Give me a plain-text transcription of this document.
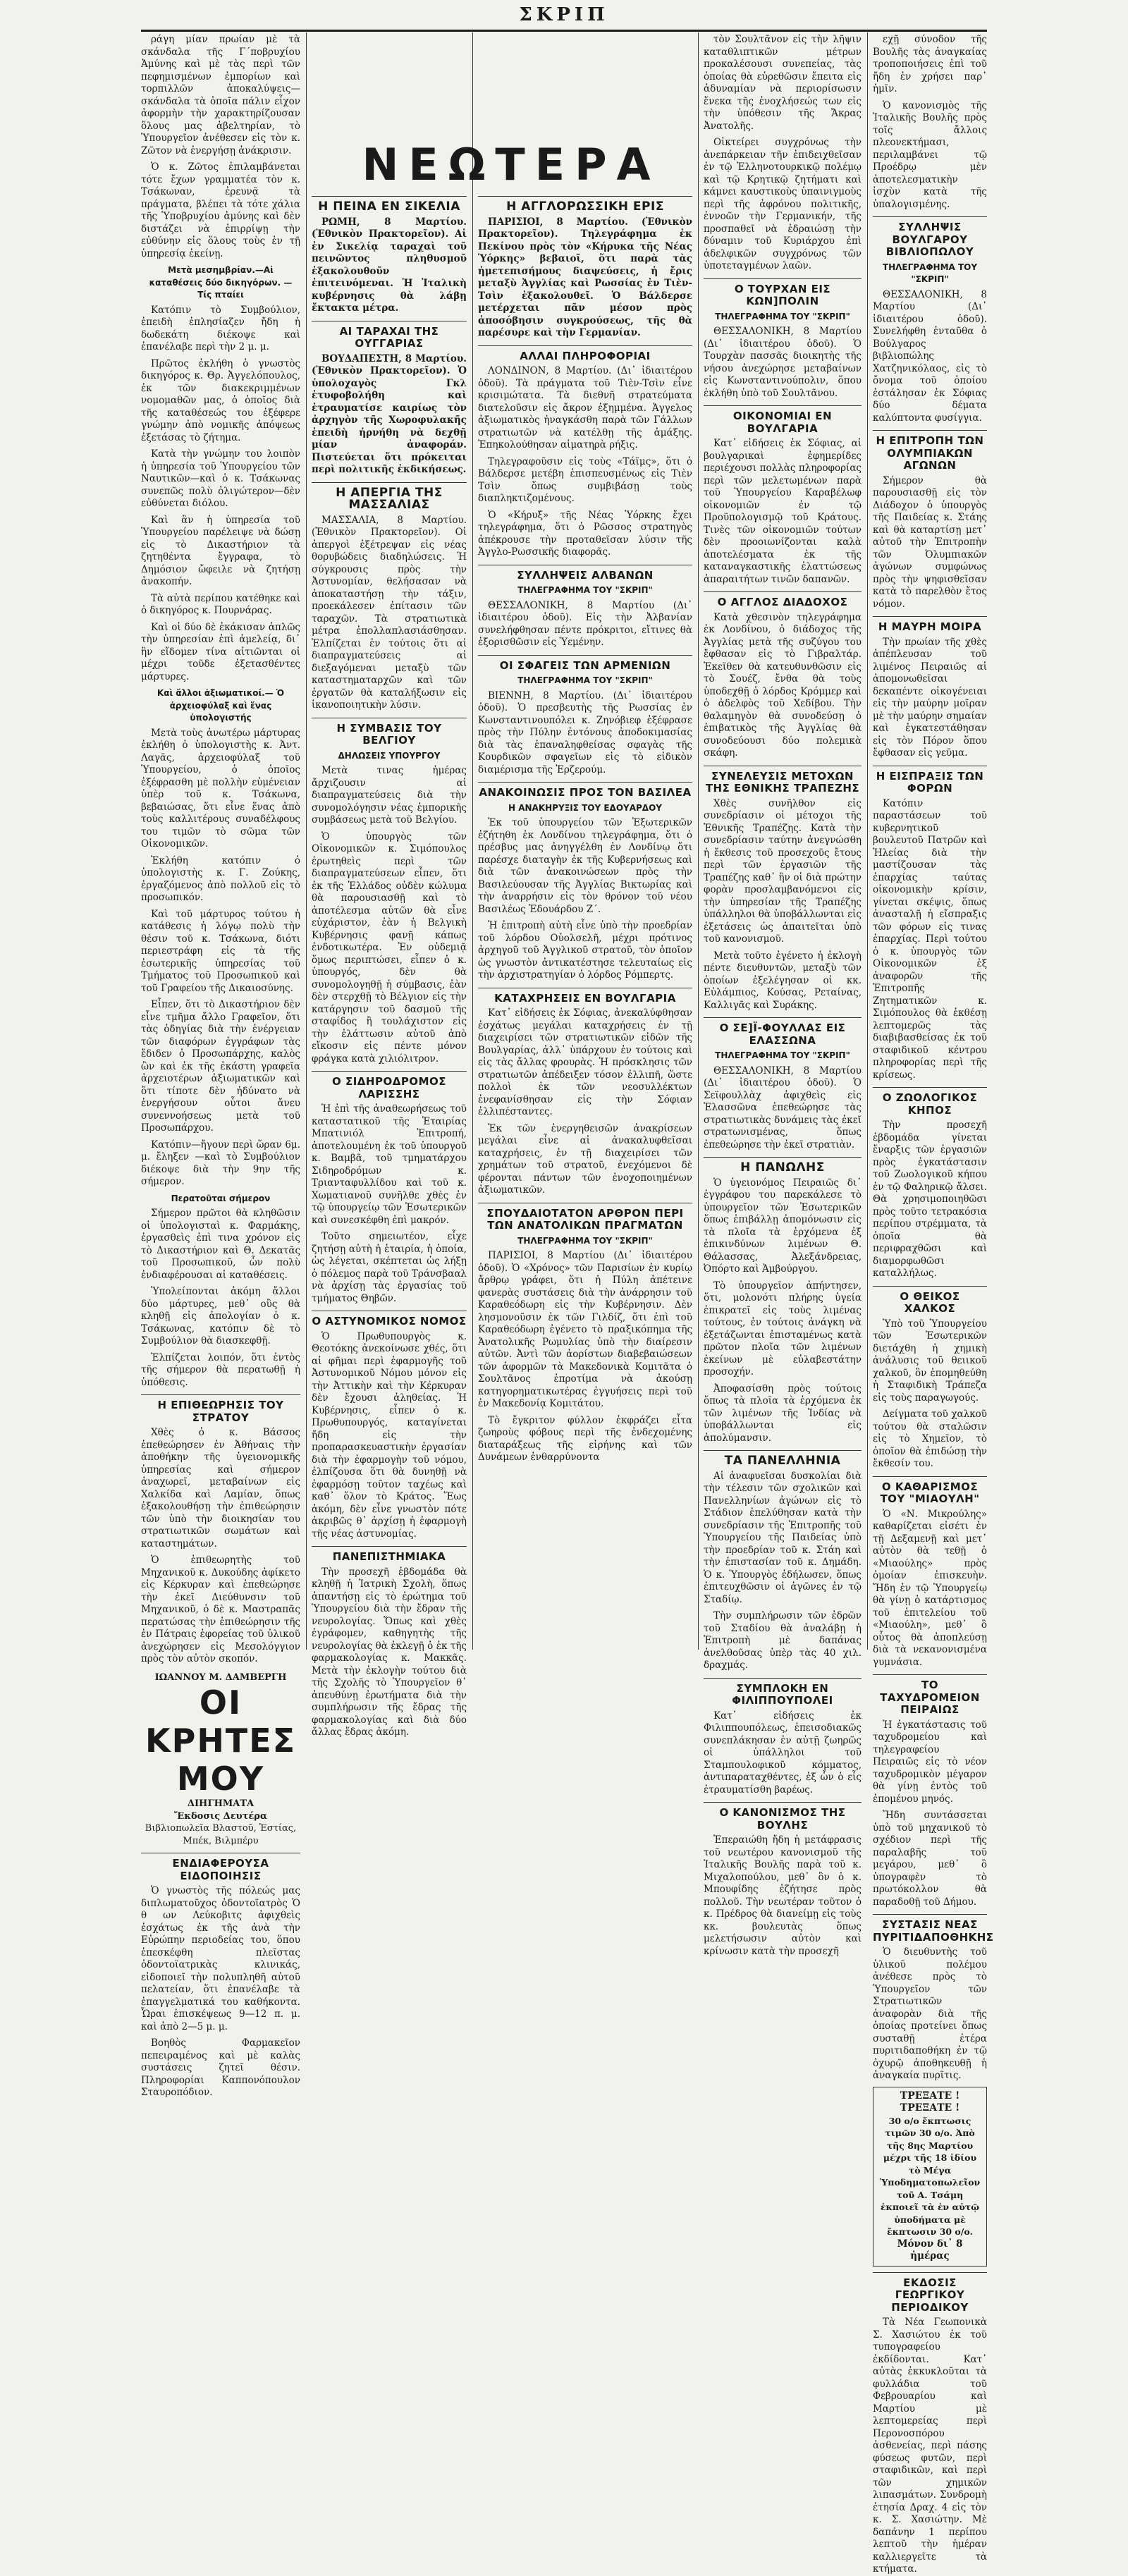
ΣΚΡΙΠ
ΝΕΩΤΕΡΑ

ράγη μίαν πρωίαν μὲ τὰ σκάνδαλα τῆς Γ΄ποβρυχίου Ἀμύνης καὶ μὲ τὰς περὶ τῶν πεφημισμένων ἐμπορίων καὶ τορπιλλῶν ἀποκαλύψεις—σκάνδαλα τὰ ὁποῖα πάλιν εἶχον ἀφορμὴν τὴν χαρακτηρίζουσαν ὅλους μας ἀβελτηρίαν, τὸ Ὑπουργεῖον ἀνέθεσεν εἰς τὸν κ. Ζῶτον νὰ ἐνεργήσῃ ἀνάκρισιν.

Ὁ κ. Ζῶτος ἐπιλαμβάνεται τότε ἔχων γραμματέα τὸν κ. Τσάκωναν, ἐρευνᾷ τὰ πράγματα, βλέπει τὰ τότε χάλια τῆς Ὑποβρυχίου ἀμύνης καὶ δὲν διστάζει νὰ ἐπιρρίψῃ τὴν εὐθύνην εἰς ὅλους τοὺς ἐν τῇ ὑπηρεσίᾳ ἐκείνῃ.

Μετὰ μεσημβρίαν.—Αἱ καταθέσεις δύο δικηγόρων. — Τίς πταίει

Κατόπιν τὸ Συμβούλιον, ἐπειδὴ ἐπλησίαζεν ἤδη ἡ δωδεκάτη διέκοψε καὶ ἐπανέλαβε περὶ τὴν 2 μ. μ.

Πρῶτος ἐκλήθη ὁ γνωστὸς δικηγόρος κ. Θρ. Ἀγγελόπουλος, ἐκ τῶν διακεκριμμένων νομομαθῶν μας, ὁ ὁποῖος διὰ τῆς καταθέσεώς του ἐξέφερε γνώμην ἀπὸ νομικῆς ἀπόψεως ἐξετάσας τὸ ζήτημα.

Κατὰ τὴν γνώμην του λοιπὸν ἡ ὑπηρεσία τοῦ Ὑπουργείου τῶν Ναυτικῶν—καὶ ὁ κ. Τσάκωνας συνεπῶς πολὺ ὀλιγώτερον—δὲν εὐθύνεται διόλου.

Καὶ ἂν ἡ ὑπηρεσία τοῦ Ὑπουργείου παρέλειψε νὰ δώσῃ εἰς τὸ Δικαστήριον τὰ ζητηθέντα ἔγγραφα, τὸ Δημόσιον ὤφειλε νὰ ζητήσῃ ἀνακοπήν.

Τὰ αὐτὰ περίπου κατέθηκε καὶ ὁ δικηγόρος κ. Πουρνάρας.

Καὶ οἱ δύο δὲ ἐκάκισαν ἁπλῶς τὴν ὑπηρεσίαν ἐπὶ ἀμελείᾳ, δι᾿ ἣν εἴδομεν τίνα αἰτιῶνται οἱ μέχρι τοῦδε ἐξετασθέντες μάρτυρες.

Καὶ ἄλλοι ἀξιωματικοί.— Ὁ ἀρχειοφύλαξ καὶ ἕνας ὑπολογιστής

Μετὰ τοὺς ἀνωτέρω μάρτυρας ἐκλήθη ὁ ὑπολογιστὴς κ. Ἀντ. Λαγᾶς, ἀρχειοφύλαξ τοῦ Ὑπουργείου, ὁ ὁποῖος ἐξέφρασθη μὲ πολλὴν εὐμένειαν ὑπὲρ τοῦ κ. Τσάκωνα, βεβαιώσας, ὅτι εἶνε ἕνας ἀπὸ τοὺς καλλιτέρους συναδέλφους του τιμῶν τὸ σῶμα τῶν Οἰκονομικῶν.

Ἐκλήθη κατόπιν ὁ ὑπολογιστὴς κ. Γ. Ζούκης, ἐργαζόμενος ἀπὸ πολλοῦ εἰς τὸ προσωπικόν.

Καὶ τοῦ μάρτυρος τούτου ἡ κατάθεσις ἡ λόγῳ πολὺ τὴν θέσιν τοῦ κ. Τσάκωνα, διότι περιεστράφη εἰς τὰ τῆς ἐσωτερικῆς ὑπηρεσίας τοῦ Τμήματος τοῦ Προσωπικοῦ καὶ τοῦ Γραφείου τῆς Δικαιοσύνης.

Εἶπεν, ὅτι τὸ Δικαστήριον δὲν εἶνε τμῆμα ἄλλο Γραφεῖον, ὅτι τὰς ὁδηγίας διὰ τὴν ἐνέργειαν τῶν διαφόρων ἐγγράφων τὰς ἔδιδεν ὁ Προσωπάρχης, καλὸς ὢν καὶ ἐκ τῆς ἐκάστη γραφεῖα ἀρχειοτέρων ἀξιωματικῶν καὶ ὅτι τίποτε δὲν ἠδύνατο νὰ ἐνεργήσουν οὗτοι ἄνευ συνεννοήσεως μετὰ τοῦ Προσωπάρχου.

Κατόπιν—ἤγουν περὶ ὥραν 6μ. μ. ἔληξεν —καὶ τὸ Συμβούλιον διέκοψε διὰ τὴν 9ην τῆς σήμερον.

Περατοῦται σήμερον

Σήμερον πρῶτοι θὰ κληθῶσιν οἱ ὑπολογισταὶ κ. Φαρμάκης, ἐργασθεὶς ἐπὶ τινα χρόνον εἰς τὸ Δικαστήριον καὶ Θ. Δεκατᾶς τοῦ Προσωπικοῦ, ὧν πολὺ ἐνδιαφέρουσαι αἱ καταθέσεις.

Ὑπολείπονται ἀκόμη ἄλλοι δύο μάρτυρες, μεθ᾿ οὓς θὰ κληθῇ εἰς ἀπολογίαν ὁ κ. Τσάκωνας, κατόπιν δὲ τὸ Συμβούλιον θὰ διασκεφθῇ.

Ἐλπίζεται λοιπόν, ὅτι ἐντὸς τῆς σήμερον θὰ περατωθῇ ἡ ὑπόθεσις.

Η ΕΠΙΘΕΩΡΗΣΙΣ ΤΟΥ ΣΤΡΑΤΟΥ

Χθὲς ὁ κ. Βάσσος ἐπεθεώρησεν ἐν Ἀθήναις τὴν ἀποθήκην τῆς ὑγειονομικῆς ὑπηρεσίας καὶ σήμερον ἀναχωρεῖ, μεταβαίνων εἰς Χαλκίδα καὶ Λαμίαν, ὅπως ἐξακολουθήσῃ τὴν ἐπιθεώρησιν τῶν ὑπὸ τὴν διοικησίαν του στρατιωτικῶν σωμάτων καὶ καταστημάτων.

Ὁ ἐπιθεωρητὴς τοῦ Μηχανικοῦ κ. Δυκούδης ἀφίκετο εἰς Κέρκυραν καὶ ἐπεθεώρησε τὴν ἐκεῖ Διεύθυνσιν τοῦ Μηχανικοῦ, ὁ δὲ κ. Μαστραπᾶς περατώσας τὴν ἐπιθεώρησιν τῆς ἐν Πάτραις ἐφορείας τοῦ ὑλικοῦ ἀνεχώρησεν εἰς Μεσολόγγιον πρὸς τὸν αὐτὸν σκοπόν.

ΙΩΑΝΝΟΥ Μ. ΔΑΜΒΕΡΓΗ
ΟΙ ΚΡΗΤΕΣ ΜΟΥ
ΔΙΗΓΗΜΑΤΑ
Ἔκδοσις Δευτέρα
Βιβλιοπωλεῖα Βλαστοῦ, Ἑστίας, Μπέκ, Βιλμπέρυ
ΕΝΔΙΑΦΕΡΟΥΣΑ ΕΙΔΟΠΟΙΗΣΙΣ

Ὁ γνωστὸς τῆς πόλεώς μας διπλωματοῦχος ὀδοντοϊατρὸς Ὁ θ ων Λεύκοβιτς ἀφιχθεὶς ἐσχάτως ἐκ τῆς ἀνὰ τὴν Εὐρώπην περιοδείας του, ὅπου ἐπεσκέφθη πλεῖστας ὀδοντοϊατρικὰς κλινικάς, εἰδοποιεῖ τὴν πολυπληθῆ αὐτοῦ πελατείαν, ὅτι ἐπανέλαβε τὰ ἐπαγγελματικά του καθήκοντα. Ὧραι ἐπισκέψεως 9—12 π. μ. καὶ ἀπὸ 2—5 μ. μ.

Βοηθὸς Φαρμακεῖον πεπειραμένος καὶ μὲ καλὰς συστάσεις ζητεῖ θέσιν. Πληροφορίαι Καππονόπουλον Σταυροπόδιον.

Η ΠΕΙΝΑ ΕΝ ΣΙΚΕΛΙΑ

ΡΩΜΗ, 8 Μαρτίου. (Ἐθνικὸν Πρακτορεῖον). Αἱ ἐν Σικελίᾳ ταραχαὶ τοῦ πεινῶντος πληθυσμοῦ ἐξακολουθοῦν ἐπιτεινόμεναι. Ἡ Ἰταλικὴ κυβέρνησις θὰ λάβῃ ἔκτακτα μέτρα.

ΑΙ ΤΑΡΑΧΑΙ ΤΗΣ ΟΥΓΓΑΡΙΑΣ

ΒΟΥΔΑΠΕΣΤΗ, 8 Μαρτίου. (Ἐθνικὸν Πρακτορεῖον). Ὁ ὑπολοχαγὸς Γκλ ἐτυφοβολήθη καὶ ἐτραυματίσε καιρίως τὸν ἀρχηγὸν τῆς Χωροφυλακῆς ἐπειδὴ ἠρνήθη νὰ δεχθῇ μίαν ἀναφοράν. Πιστεύεται ὅτι πρόκειται περὶ πολιτικῆς ἐκδικήσεως.

Η ΑΠΕΡΓΙΑ ΤΗΣ ΜΑΣΣΑΛΙΑΣ

ΜΑΣΣΑΛΙΑ, 8 Μαρτίου. (Ἐθνικὸν Πρακτορεῖον). Οἱ ἀπεργοὶ ἐξέτρεψαν εἰς νέας θορυβώδεις διαδηλώσεις. Ἡ σύγκρουσις πρὸς τὴν Ἀστυνομίαν, θελήσασαν νὰ ἀποκαταστήσῃ τὴν τάξιν, προεκάλεσεν ἐπίτασιν τῶν ταραχῶν. Τὰ στρατιωτικὰ μέτρα ἐπολλαπλασιάσθησαν. Ἐλπίζεται ἐν τούτοις ὅτι αἱ διαπραγματεύσεις αἱ διεξαγόμεναι μεταξὺ τῶν καταστηματαρχῶν καὶ τῶν ἐργατῶν θὰ καταλήξωσιν εἰς ἱκανοποιητικὴν λύσιν.

Η ΣΥΜΒΑΣΙΣ ΤΟΥ ΒΕΛΓΙΟΥ
ΔΗΛΩΣΕΙΣ ΥΠΟΥΡΓΟΥ

Μετὰ τινας ἡμέρας ἄρχιζουσιν αἱ διαπραγματεύσεις διὰ τὴν συνομολόγησιν νέας ἐμπορικῆς συμβάσεως μετὰ τοῦ Βελγίου.

Ὁ ὑπουργὸς τῶν Οἰκονομικῶν κ. Σιμόπουλος ἐρωτηθεὶς περὶ τῶν διαπραγματεύσεων εἶπεν, ὅτι ἐκ τῆς Ἑλλάδος οὐδὲν κώλυμα θὰ παρουσιασθῇ καὶ τὸ ἀποτέλεσμα αὐτῶν θὰ εἶνε εὐχάριστον, ἐὰν ἡ Βελγικὴ Κυβέρνησις φανῇ κάπως ἐνδοτικωτέρα. Ἐν οὐδεμιᾷ ὅμως περιπτώσει, εἶπεν ὁ κ. ὑπουργός, δὲν θὰ συνομολογηθῇ ἡ σύμβασις, ἐὰν δὲν στερχθῇ τὸ Βέλγιον εἰς τὴν κατάργησιν τοῦ δασμοῦ τῆς σταφίδος ἢ τουλάχιστον εἰς τὴν ἐλάττωσιν αὐτοῦ ἀπὸ εἴκοσιν εἰς πέντε μόνον φράγκα κατὰ χιλιόλιτρον.

Ο ΣΙΔΗΡΟΔΡΟΜΟΣ ΛΑΡΙΣΣΗΣ

Ἡ ἐπὶ τῆς ἀναθεωρήσεως τοῦ καταστατικοῦ τῆς Ἑταιρίας Μπατινιόλ Ἐπιτροπή, ἀποτελουμένη ἐκ τοῦ ὑπουργοῦ κ. Βαμβᾶ, τοῦ τμηματάρχου Σιδηροδρόμων κ. Τριανταφυλλίδου καὶ τοῦ κ. Χωματιανοῦ συνῆλθε χθὲς ἐν τῷ ὑπουργείῳ τῶν Ἐσωτερικῶν καὶ συνεσκέφθη ἐπὶ μακρόν.

Τοῦτο σημειωτέον, εἶχε ζητήσῃ αὐτὴ ἡ ἑταιρία, ἡ ὁποία, ὡς λέγεται, σκέπτεται ὡς λήξῃ ὁ πόλεμος παρὰ τοῦ Τράνσβααλ νὰ ἀρχίσῃ τὰς ἐργασίας τοῦ τμήματος Θηβῶν.

Ο ΑΣΤΥΝΟΜΙΚΟΣ ΝΟΜΟΣ

Ὁ Πρωθυπουργὸς κ. Θεοτόκης ἀνεκοίνωσε χθές, ὅτι αἱ φῆμαι περὶ ἐφαρμογῆς τοῦ Ἀστυνομικοῦ Νόμου μόνον εἰς τὴν Ἀττικὴν καὶ τὴν Κέρκυραν δὲν ἔχουσι ἀληθείας. Ἡ Κυβέρνησις, εἶπεν ὁ κ. Πρωθυπουργός, καταγίνεται ἤδη εἰς τὴν προπαρασκευαστικὴν ἐργασίαν διὰ τὴν ἐφαρμογὴν τοῦ νόμου, ἐλπίζουσα ὅτι θὰ δυνηθῇ νὰ ἐφαρμόσῃ τοῦτον ταχέως καὶ καθ᾿ ὅλον τὸ Κράτος. Ἕως ἀκόμη, δὲν εἶνε γνωστὸν πότε ἀκριβῶς θ᾿ ἀρχίσῃ ἡ ἐφαρμογὴ τῆς νέας ἀστυνομίας.

ΠΑΝΕΠΙΣΤΗΜΙΑΚΑ

Τὴν προσεχῆ ἑβδομάδα θὰ κληθῇ ἡ Ἰατρικὴ Σχολὴ, ὅπως ἀπαντήσῃ εἰς τὸ ἐρώτημα τοῦ Ὑπουργείου διὰ τὴν ἔδραν τῆς νευρολογίας. Ὅπως καὶ χθὲς ἐγράφομεν, καθηγητὴς τῆς νευρολογίας θὰ ἐκλεγῇ ὁ ἐκ τῆς φαρμακολογίας κ. Μακκᾶς. Μετὰ τὴν ἐκλογὴν τούτου διὰ τῆς Σχολῆς τὸ Ὑπουργεῖον θ᾿ ἀπευθύνῃ ἐρωτήματα διὰ τὴν συμπλήρωσιν τῆς ἔδρας τῆς φαρμακολογίας καὶ διὰ δύο ἄλλας ἕδρας ἀκόμη.

Η ΑΓΓΛΟΡΩΣΣΙΚΗ ΕΡΙΣ

ΠΑΡΙΣΙΟΙ, 8 Μαρτίου. (Ἐθνικὸν Πρακτορεῖον). Τηλεγράφημα ἐκ Πεκίνου πρὸς τὸν «Κήρυκα τῆς Νέας Ὑόρκης» βεβαιοῖ, ὅτι παρὰ τὰς ἡμετεπισήμους διαψεύσεις, ἡ ἔρις μεταξὺ Ἀγγλίας καὶ Ρωσσίας ἐν Τιὲν-Τσὶν ἐξακολουθεῖ. Ὁ Βάλδερσε μετέρχεται πᾶν μέσον πρὸς ἀποσόβησιν συγκρούσεως, τῆς θὰ παρέσυρε καὶ τὴν Γερμανίαν.

ΑΛΛΑΙ ΠΛΗΡΟΦΟΡΙΑΙ

ΛΟΝΔΙΝΟΝ, 8 Μαρτίου. (Δι᾿ ἰδιαιτέρου ὁδοῦ). Τὰ πράγματα τοῦ Τιὲν-Τσὶν εἶνε κρισιμώτατα. Τὰ διεθνῆ στρατεύματα διατελοῦσιν εἰς ἄκρον ἐξημμένα. Ἀγγελος ἀξιωματικὸς ἠναγκάσθη παρὰ τῶν Γάλλων στρατιωτῶν νὰ κατέλθῃ τῆς ἁμάξης. Ἐπηκολούθησαν αἱματηρὰ ρήξις.

Τηλεγραφοῦσιν εἰς τοὺς «Τάϊμς», ὅτι ὁ Βάλδερσε μετέβη ἐπισπευσμένως εἰς Τιὲν Τσὶν ὅπως συμβιβάσῃ τοὺς διαπληκτιζομένους.

Ὁ «Κήρυξ» τῆς Νέας Ὑόρκης ἔχει τηλεγράφημα, ὅτι ὁ Ρῶσσος στρατηγὸς ἀπέκρουσε τὴν προταθεῖσαν λύσιν τῆς Ἀγγλο-Ρωσσικῆς διαφορᾶς.

ΣΥΛΛΗΨΕΙΣ ΑΛΒΑΝΩΝ
ΤΗΛΕΓΡΑΦΗΜΑ ΤΟΥ "ΣΚΡΙΠ"

ΘΕΣΣΑΛΟΝΙΚΗ, 8 Μαρτίου (Δι᾿ ἰδιαιτέρου ὁδοῦ). Εἰς τὴν Ἀλβανίαν συνελήφθησαν πέντε πρόκριτοι, εἴτινες θὰ ἐξορισθῶσιν εἰς Ὑεμένην.

ΟΙ ΣΦΑΓΕΙΣ ΤΩΝ ΑΡΜΕΝΙΩΝ
ΤΗΛΕΓΡΑΦΗΜΑ ΤΟΥ "ΣΚΡΙΠ"

ΒΙΕΝΝΗ, 8 Μαρτίου. (Δι᾿ ἰδιαιτέρου ὁδοῦ). Ὁ πρεσβευτὴς τῆς Ρωσσίας ἐν Κωνσταντινουπόλει κ. Ζηνόβιεφ ἐξέφρασε πρὸς τὴν Πύλην ἐντόνους ἀποδοκιμασίας διὰ τὰς ἐπαναληφθείσας σφαγὰς τῆς Κουρδικῶν σφαγεῖων εἰς τὸ εἰδικὸν διαμέρισμα τῆς Ἐρζερούμ.

ΑΝΑΚΟΙΝΩΣΙΣ ΠΡΟΣ ΤΟΝ ΒΑΣΙΛΕΑ
Η ΑΝΑΚΗΡΥΞΙΣ ΤΟΥ ΕΔΟΥΑΡΔΟΥ

Ἐκ τοῦ ὑπουργείου τῶν Ἐξωτερικῶν ἐζήτηθη ἐκ Λονδίνου τηλεγράφημα, ὅτι ὁ πρέσβυς μας ἀνηγγέλθη ἐν Λονδίνῳ ὅτι παρέσχε διαταγὴν ἐκ τῆς Κυβερνήσεως καὶ διὰ τῶν ἀνακοινώσεων πρὸς τὴν Βασιλεύουσαν τῆς Ἀγγλίας Βικτωρίας καὶ τὴν ἀναρρήσιν εἰς τὸν θρόνον τοῦ νέου Βασιλέως Ἐδουάρδου Ζ΄.

Ἡ ἐπιτροπὴ αὐτὴ εἶνε ὑπὸ τὴν προεδρίαν τοῦ λόρδου Οὐολσελῆ, μέχρι πρότινος ἀρχηγοῦ τοῦ Ἀγγλικοῦ στρατοῦ, τὸν ὁποῖον ὡς γνωστὸν ἀντικατέστησε τελευταίως εἰς τὴν ἀρχιστρατηγίαν ὁ λόρδος Ρόμπερτς.

ΚΑΤΑΧΡΗΣΕΙΣ ΕΝ ΒΟΥΛΓΑΡΙΑ

Κατ᾿ εἰδήσεις ἐκ Σόφιας, ἀνεκαλύφθησαν ἐσχάτως μεγάλαι καταχρήσεις ἐν τῇ διαχειρίσει τῶν στρατιωτικῶν εἰδῶν τῆς Βουλγαρίας, ἀλλ᾿ ὑπάρχουν ἐν τούτοις καὶ εἰς τὰς ἄλλας φρουρὰς. Ἡ πρόσκλησις τῶν στρατιωτῶν ἀπέδειξεν τόσον ἐλλιπῆ, ὥστε πολλοὶ ἐκ τῶν νεοσυλλέκτων ἐνεφανίσθησαν εἰς τὴν Σόφιαν ἐλλιπέσταντες.

Ἐκ τῶν ἐνεργηθεισῶν ἀνακρίσεων μεγάλαι εἶνε αἱ ἀνακαλυφθεῖσαι καταχρήσεις, ἐν τῇ διαχειρίσει τῶν χρημάτων τοῦ στρατοῦ, ἐνεχόμενοι δὲ φέρονται πάντων τῶν ἐνοχοποιημένων ἀξιωματικῶν.

ΣΠΟΥΔΑΙΟΤΑΤΟΝ ΑΡΘΡΟΝ ΠΕΡΙ ΤΩΝ ΑΝΑΤΟΛΙΚΩΝ ΠΡΑΓΜΑΤΩΝ
ΤΗΛΕΓΡΑΦΗΜΑ ΤΟΥ "ΣΚΡΙΠ"

ΠΑΡΙΣΙΟΙ, 8 Μαρτίου (Δι᾿ ἰδιαιτέρου ὁδοῦ). Ὁ «Χρόνος» τῶν Παρισίων ἐν κυρίῳ ἄρθρῳ γράφει, ὅτι ἡ Πύλη ἀπέτεινε φανερὰς συστάσεις διὰ τὴν ἀνάρρησιν τοῦ Καραθεόδωρη εἰς τὴν Κυβέρνησιν. Δὲν λησμονοῦσιν ἐκ τῶν Γιλδίζ, ὅτι ἐπὶ τοῦ Καραθεόδωρη ἐγένετο τὸ πραξικόπημα τῆς Ἀνατολικῆς Ρωμυλίας ὑπὸ τὴν διαίρεσιν αὐτῶν. Ἀντὶ τῶν ἀορίστων διαβεβαιώσεων τῶν ἀφορμῶν τὰ Μακεδονικὰ Κομιτᾶτα ὁ Σουλτᾶνος ἐπροτίμα νὰ ἀκούσῃ κατηγορηματικωτέρας ἐγγυήσεις περὶ τοῦ ἐν Μακεδονίᾳ Κομιτάτου.

Τὸ ἔγκριτον φύλλον ἐκφράζει εἶτα ζωηροὺς φόβους περὶ τῆς ἐνδεχομένης διαταράξεως τῆς εἰρήνης καὶ τῶν Δυνάμεων ἐνθαρρύνοντα

τὸν Σουλτᾶνον εἰς τὴν λῆψιν καταθλιπτικῶν μέτρων προκαλέσουσι συνεπείας, τὰς ὁποίας θὰ εὑρεθῶσιν ἔπειτα εἰς ἀδυναμίαν νὰ περιορίσωσιν ἕνεκα τῆς ἐνοχλήσεώς των εἰς τὴν ὑπόθεσιν τῆς Ἄκρας Ἀνατολῆς.

Οἰκτείρει συγχρόνως τὴν ἀνεπάρκειαν τῆν ἐπιδειχθεῖσαν ἐν τῷ Ἑλληνοτουρκικῷ πολέμῳ καὶ τῷ Κρητικῷ ζητήματι καὶ κάμνει καυστικοὺς ὑπαινιγμοὺς περὶ τῆς ἀφρόνου πολιτικῆς, ἐννοῶν τὴν Γερμανικήν, τῆς προσπαθεῖ νὰ ἑδραιώσῃ τὴν δύναμιν τοῦ Κυριάρχου ἐπὶ ἀδελφικῶν συγχρόνως τῶν ὑποτεταγμένων λαῶν.

Ο ΤΟΥΡΧΑΝ ΕΙΣ ΚΩΝ]ΠΟΛΙΝ
ΤΗΛΕΓΡΑΦΗΜΑ ΤΟΥ "ΣΚΡΙΠ"

ΘΕΣΣΑΛΟΝΙΚΗ, 8 Μαρτίου (Δι᾿ ἰδιαιτέρου ὁδοῦ). Ὁ Τουρχὰν πασσᾶς διοικητὴς τῆς νήσου ἀνεχώρησε μεταβαίνων εἰς Κωνσταντινούπολιν, ὅπου ἐκλήθη ὑπὸ τοῦ Σουλτᾶνου.

ΟΙΚΟΝΟΜΙΑΙ ΕΝ ΒΟΥΛΓΑΡΙΑ

Κατ᾿ εἰδήσεις ἐκ Σόφιας, αἱ βουλγαρικαὶ ἐφημερίδες περιέχουσι πολλὰς πληροφορίας περὶ τῶν μελετωμένων παρὰ τοῦ Ὑπουργείου Καραβέλωφ οἰκονομιῶν ἐν τῷ Προϋπολογισμῷ τοῦ Κράτους. Τινὲς τῶν οἰκονομιῶν τούτων δὲν προοιωνίζονται καλὰ ἀποτελέσματα ἐκ τῆς καταναγκαστικῆς ἐλαττώσεως ἀπαραιτήτων τινῶν δαπανῶν.

Ο ΑΓΓΛΟΣ ΔΙΑΔΟΧΟΣ

Κατὰ χθεσινὸν τηλεγράφημα ἐκ Λονδίνου, ὁ διάδοχος τῆς Ἀγγλίας μετὰ τῆς συζύγου του ἔφθασαν εἰς τὸ Γιβραλτάρ. Ἐκεῖθεν θὰ κατευθυνθῶσιν εἰς τὸ Σουέζ, ἔνθα θὰ τοὺς ὑποδεχθῇ ὁ λόρδος Κρόμμερ καὶ ὁ ἀδελφὸς τοῦ Χεδίβου. Τὴν θαλαμηγὸν θὰ συνοδεύσῃ ὁ ἐπιβατικὸς τῆς Ἀγγλίας θὰ συνοδεύουσι δύο πολεμικὰ σκάφη.

ΣΥΝΕΛΕΥΣΙΣ ΜΕΤΟΧΩΝ ΤΗΣ ΕΘΝΙΚΗΣ ΤΡΑΠΕΖΗΣ

Χθὲς συνῆλθον εἰς συνεδρίασιν οἱ μέτοχοι τῆς Ἐθνικῆς Τραπέζης. Κατὰ τὴν συνεδρίασιν ταύτην ἀνεγνώσθη ἡ ἔκθεσις τοῦ προσεχοῦς ἔτους περὶ τῶν ἐργασιῶν τῆς Τραπέζης καθ᾿ ἣν οἱ διὰ πρώτην φορὰν προσλαμβανόμενοι εἰς τὴν ὑπηρεσίαν τῆς Τραπέζης ὑπάλληλοι θὰ ὑποβάλλωνται εἰς ἐξετάσεις ὡς ἀπαιτεῖται ὑπὸ τοῦ κανονισμοῦ.

Μετὰ τοῦτο ἐγένετο ἡ ἐκλογὴ πέντε διευθυντῶν, μεταξὺ τῶν ὁποίων ἐξελέγησαν οἱ κκ. Εὐλάμπιος, Κούσας, Ρεταίνας, Καλλιγᾶς καὶ Συράκης.

Ο ΣΕ]Ϊ-ΦΟΥΛΛΑΣ ΕΙΣ ΕΛΑΣΣΩΝΑ
ΤΗΛΕΓΡΑΦΗΜΑ ΤΟΥ "ΣΚΡΙΠ"

ΘΕΣΣΑΛΟΝΙΚΗ, 8 Μαρτίου (Δι᾿ ἰδιαιτέρου ὁδοῦ). Ὁ Σεϊφουλλὰχ ἀφιχθεὶς εἰς Ἐλασσῶνα ἐπεθεώρησε τὰς στρατιωτικὰς δυνάμεις τὰς ἐκεῖ στρατωνισμένας, ὅπως ἐπεθεώρησε τὴν ἐκεῖ στρατιὰν.

Η ΠΑΝΩΛΗΣ

Ὁ ὑγειονόμος Πειραιῶς δι᾿ ἐγγράφου του παρεκάλεσε τὸ ὑπουργεῖον τῶν Ἐσωτερικῶν ὅπως ἐπιβάλλῃ ἀπομόνωσιν εἰς τὰ πλοῖα τὰ ἐρχόμενα ἐξ ἐπικινδύνων λιμένων Θ. Θάλασσας, Ἀλεξάνδρειας, Ὀπόρτο καὶ Ἀμβούργου.

Τὸ ὑπουργεῖον ἀπήντησεν, ὅτι, μολονότι πλήρης ὑγεία ἐπικρατεῖ εἰς τοὺς λιμένας τούτους, ἐν τούτοις ἀνάγκη νὰ ἐξετάζωνται ἐπισταμένως κατὰ πρῶτον πλοῖα τῶν λιμένων ἐκείνων μὲ εὐλαβεστάτην προσοχήν.

Ἀποφασίσθη πρὸς τούτοις ὅπως τὰ πλοῖα τὰ ἐρχόμενα ἐκ τῶν λιμένων τῆς Ἰνδίας νὰ ὑποβάλλωνται εἰς ἀπολύμανσιν.

ΤΑ ΠΑΝΕΛΛΗΝΙΑ

Αἱ ἀναφυεῖσαι δυσκολίαι διὰ τὴν τέλεσιν τῶν σχολικῶν καὶ Πανελληνίων ἀγώνων εἰς τὸ Στάδιον ἐπελύθησαν κατὰ τὴν συνεδρίασιν τῆς Ἐπιτροπῆς τοῦ Ὑπουργείου τῆς Παιδείας ὑπὸ τὴν προεδρίαν τοῦ κ. Στάη καὶ τὴν ἐπιστασίαν τοῦ κ. Δημάδη. Ὁ κ. Ὑπουργὸς ἐδήλωσεν, ὅπως ἐπιτευχθῶσιν οἱ ἀγῶνες ἐν τῷ Σταδίῳ.

Τὴν συμπλήρωσιν τῶν ἐδρῶν τοῦ Σταδίου θὰ ἀναλάβῃ ἡ Ἐπιτροπὴ μὲ δαπάνας ἀνελθοῦσας ὑπὲρ τὰς 40 χιλ. δραχμάς.

ΣΥΜΠΛΟΚΗ ΕΝ ΦΙΛΙΠΠΟΥΠΟΛΕΙ

Κατ᾿ εἰδήσεις ἐκ Φιλιππουπόλεως, ἐπεισοδιακῶς συνεπλάκησαν ἐν αὐτῇ ζωηρῶς οἱ ὑπάλληλοι τοῦ Σταμπουλοφικοῦ κόμματος, ἀντιπαραταχθέντες, ἐξ ὧν ὁ εἷς ἐτραυματίσθη βαρέως.

Ο ΚΑΝΟΝΙΣΜΟΣ ΤΗΣ ΒΟΥΛΗΣ

Ἐπεραιώθη ἤδη ἡ μετάφρασις τοῦ νεωτέρου κανονισμοῦ τῆς Ἰταλικῆς Βουλῆς παρὰ τοῦ κ. Μιχαλοπούλου, μεθ᾿ ὃν ὁ κ. Μπουφίδης ἐζήτησε πρὸς πολλοῦ. Τὴν νεωτέραν τοῦτον ὁ κ. Πρέδρος θὰ διανείμῃ εἰς τοὺς κκ. βουλευτὰς ὅπως μελετήσωσιν αὐτὸν καὶ κρίνωσιν κατὰ τὴν προσεχῆ

εχῇ σύνοδον τῆς Βουλῆς τὰς ἀναγκαίας τροποποιήσεις ἐπὶ τοῦ ἤδη ἐν χρήσει παρ᾿ ἡμῖν.

Ὁ κανονισμὸς τῆς Ἰταλικῆς Βουλῆς πρὸς τοῖς ἄλλοις πλεονεκτήμασι, περιλαμβάνει τῷ Προέδρῳ μὲν ἀποτελεσματικὴν ἰσχὺν κατὰ τῆς ὑπαλογισμένης.

ΣΥΛΛΗΨΙΣ ΒΟΥΛΓΑΡΟΥ ΒΙΒΛΙΟΠΩΛΟΥ
ΤΗΛΕΓΡΑΦΗΜΑ ΤΟΥ "ΣΚΡΙΠ"

ΘΕΣΣΑΛΟΝΙΚΗ, 8 Μαρτίου (Δι᾿ ἰδιαιτέρου ὁδοῦ). Συνελήφθη ἐνταῦθα ὁ Βούλγαρος βιβλιοπώλης Χατζηνικόλαος, εἰς τὸ ὄνομα τοῦ ὁποίου ἐστάλησαν ἐκ Σόφιας δύο δέματα καλύπτοντα φυσίγγια.

Η ΕΠΙΤΡΟΠΗ ΤΩΝ ΟΛΥΜΠΙΑΚΩΝ ΑΓΩΝΩΝ

Σήμερον θὰ παρουσιασθῇ εἰς τὸν Διάδοχον ὁ ὑπουργὸς τῆς Παιδείας κ. Στάης καὶ θὰ καταρτίσῃ μετ᾿ αὐτοῦ τὴν Ἐπιτροπὴν τῶν Ὀλυμπιακῶν ἀγώνων συμφώνως πρὸς τὴν ψηφισθεῖσαν κατὰ τὸ παρελθὸν ἔτος νόμον.

Η ΜΑΥΡΗ ΜΟΙΡΑ

Τὴν πρωίαν τῆς χθὲς ἀπέπλευσαν τοῦ λιμένος Πειραιῶς αἱ ἀπομονωθεῖσαι δεκαπέντε οἰκογένειαι εἰς τὴν μαύρην μοῖραν μὲ τὴν μαύρην σημαίαν καὶ ἐγκατεστάθησαν εἰς τὸν Πόρον ὅπου ἔφθασαν εἰς γεῦμα.

Η ΕΙΣΠΡΑΞΙΣ ΤΩΝ ΦΟΡΩΝ

Κατόπιν παραστάσεων τοῦ κυβερνητικοῦ βουλευτοῦ Πατρῶν καὶ Ἠλείας διὰ τὴν μαστίζουσαν τὰς ἐπαρχίας ταύτας οἰκονομικὴν κρίσιν, γίνεται σκέψις, ὅπως ἀνασταλῇ ἡ εἴσπραξις τῶν φόρων εἰς τινας ἐπαρχίας. Περὶ τούτου ὁ κ. ὑπουργὸς τῶν Οἰκονομικῶν ἐξ ἀναφορῶν τῆς Ἐπιτροπῆς Ζητηματικῶν κ. Σιμόπουλος θὰ ἐκθέσῃ λεπτομερῶς τὰς διαβιβασθείσας ἐκ τοῦ σταφιδικοῦ κέντρου πληροφορίας περὶ τῆς κρίσεως.

Ο ΖΩΟΛΟΓΙΚΟΣ ΚΗΠΟΣ

Τὴν προσεχῆ ἑβδομάδα γίνεται ἔναρξις τῶν ἐργασιῶν πρὸς ἐγκατάστασιν τοῦ Ζωολογικοῦ κήπου ἐν τῷ Φαληρικῷ ἄλσει. Θὰ χρησιμοποιηθῶσι πρὸς τοῦτο τετρακόσια περίπου στρέμματα, τὰ ὁποῖα θὰ περιφραχθῶσι καὶ διαμορφωθῶσι καταλλήλως.

Ο ΘΕΙΚΟΣ ΧΑΛΚΟΣ

Ὑπὸ τοῦ Ὑπουργείου τῶν Ἐσωτερικῶν διετάχθη ἡ χημικὴ ἀνάλυσις τοῦ θειικοῦ χαλκοῦ, ὃν ἐπομηθεύθη ἡ Σταφιδικὴ Τράπεζα εἰς τοὺς παραγωγούς.

Δείγματα τοῦ χαλκοῦ τούτου θὰ σταλῶσιν εἰς τὸ Χημεῖον, τὸ ὁποῖον θὰ ἐπιδώσῃ τὴν ἔκθεσίν του.

Ο ΚΑΘΑΡΙΣΜΟΣ ΤΟΥ "ΜΙΑΟΥΛΗ"

Ὁ «Ν. Μικρούλης» καθαρίζεται εἰσέτι ἐν τῇ Δεξαμενῇ καὶ μετ᾿ αὐτὸν θὰ τεθῇ ὁ «Μιαούλης» πρὸς ὁμοίαν ἐπισκευὴν. Ἤδη ἐν τῷ Ὑπουργείῳ θὰ γίνῃ ὁ κατάρτισμος τοῦ ἐπιτελείου τοῦ «Μιαούλη», μεθ᾿ ὃ οὗτος θὰ ἀποπλεύσῃ διὰ τὰ νεκανονισμένα γυμνάσια.

ΤΟ ΤΑΧΥΔΡΟΜΕΙΟΝ ΠΕΙΡΑΙΩΣ

Ἡ ἐγκατάστασις τοῦ ταχυδρομείου καὶ τηλεγραφείου Πειραιῶς εἰς τὸ νέον ταχυδρομικὸν μέγαρον θὰ γίνῃ ἐντὸς τοῦ ἐπομένου μηνός.

Ἤδη συντάσσεται ὑπὸ τοῦ μηχανικοῦ τὸ σχέδιον περὶ τῆς παραλαβῆς τοῦ μεγάρου, μεθ᾿ ὃ ὑπογραφὲν τὸ πρωτόκολλον θὰ παραδοθῇ τοῦ Δήμου.

ΣΥΣΤΑΣΙΣ ΝΕΑΣ ΠΥΡΙΤΙΔΑΠΟΘΗΚΗΣ

Ὁ διευθυντὴς τοῦ ὑλικοῦ πολέμου ἀνέθεσε πρὸς τὸ Ὑπουργεῖον τῶν Στρατιωτικῶν ἀναφορὰν διὰ τῆς ὁποίας προτείνει ὅπως συσταθῇ ἑτέρα πυριτιδαποθήκη ἐν τῷ ὀχυρῷ ἀποθηκευθῇ ἡ ἀναγκαία πυρῖτις.

ΤΡΕΞΑΤΕ ! ΤΡΕΞΑΤΕ !
30 ο/ο ἔκπτωσις τιμῶν 30 ο/ο. Ἀπὸ τῆς 8ης Μαρτίου μέχρι τῆς 18 ἰδίου τὸ Μέγα Ὑποδηματοπωλεῖον τοῦ Α. Τσάμη ἐκποιεῖ τὰ ἐν αὐτῷ ὑποδήματα μὲ ἔκπτωσιν 30 ο/ο.
Μόνον δι᾿ 8 ἡμέρας
ΕΚΔΟΣΙΣ ΓΕΩΡΓΙΚΟΥ ΠΕΡΙΟΔΙΚΟΥ

Τὰ Νέα Γεωπονικὰ Σ. Χασιώτου ἐκ τοῦ τυπογραφείου ἐκδίδονται. Κατ᾿ αὐτὰς ἐκκυκλοῦται τὰ φυλλάδια τοῦ Φεβρουαρίου καὶ Μαρτίου μὲ λεπτομερείας περὶ Περονοσπόρου ἀσθενείας, περὶ πάσης φύσεως φυτῶν, περὶ σταφιδικῶν, καὶ περὶ τῶν χημικῶν λιπασμάτων. Συνδρομὴ ἐτησία Δραχ. 4 εἰς τὸν κ. Σ. Χασιώτην. Μὲ δαπάνην 1 περίπου λεπτοῦ τὴν ἡμέραν καλλιεργεῖτε τὰ κτήματα.
